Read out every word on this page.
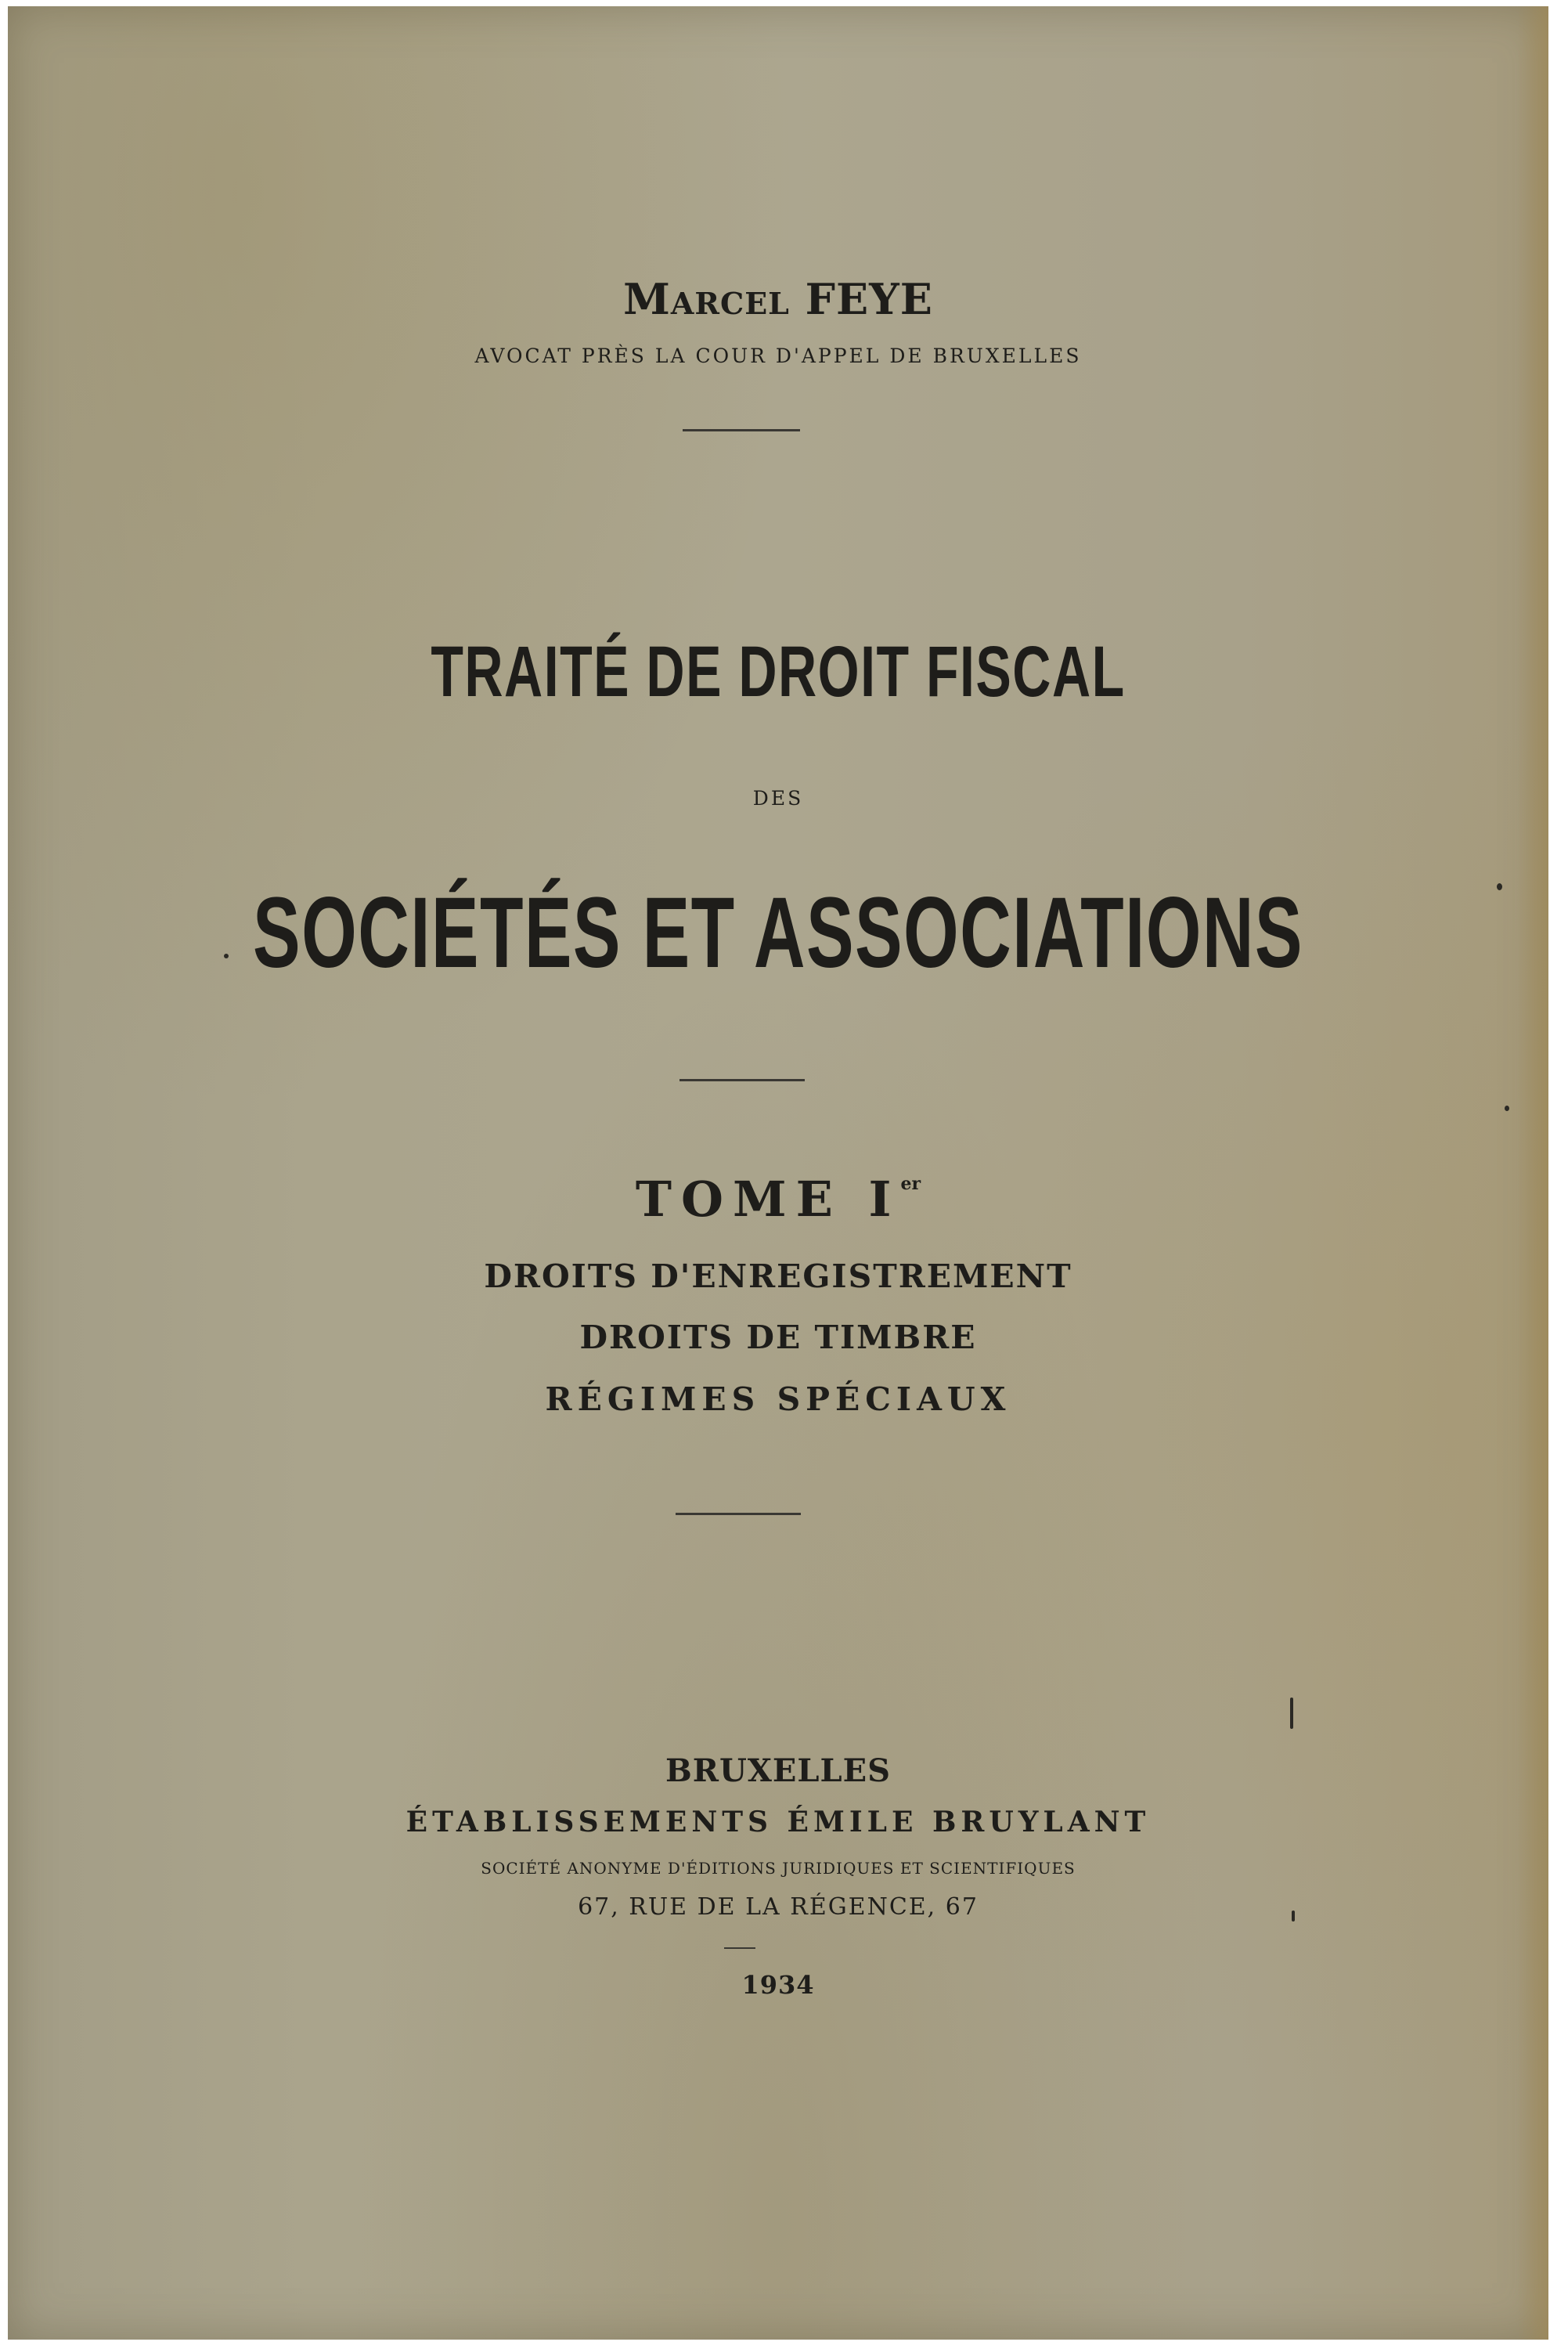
Marcel FEYE
AVOCAT PRÈS LA COUR D'APPEL DE BRUXELLES
TRAITÉ DE DROIT FISCAL
DES
SOCIÉTÉS ET ASSOCIATIONS
TOME Ier
DROITS D'ENREGISTREMENT
DROITS DE TIMBRE
RÉGIMES SPÉCIAUX
BRUXELLES
ÉTABLISSEMENTS ÉMILE BRUYLANT
SOCIÉTÉ ANONYME D'ÉDITIONS JURIDIQUES ET SCIENTIFIQUES
67, RUE DE LA RÉGENCE, 67
1934
